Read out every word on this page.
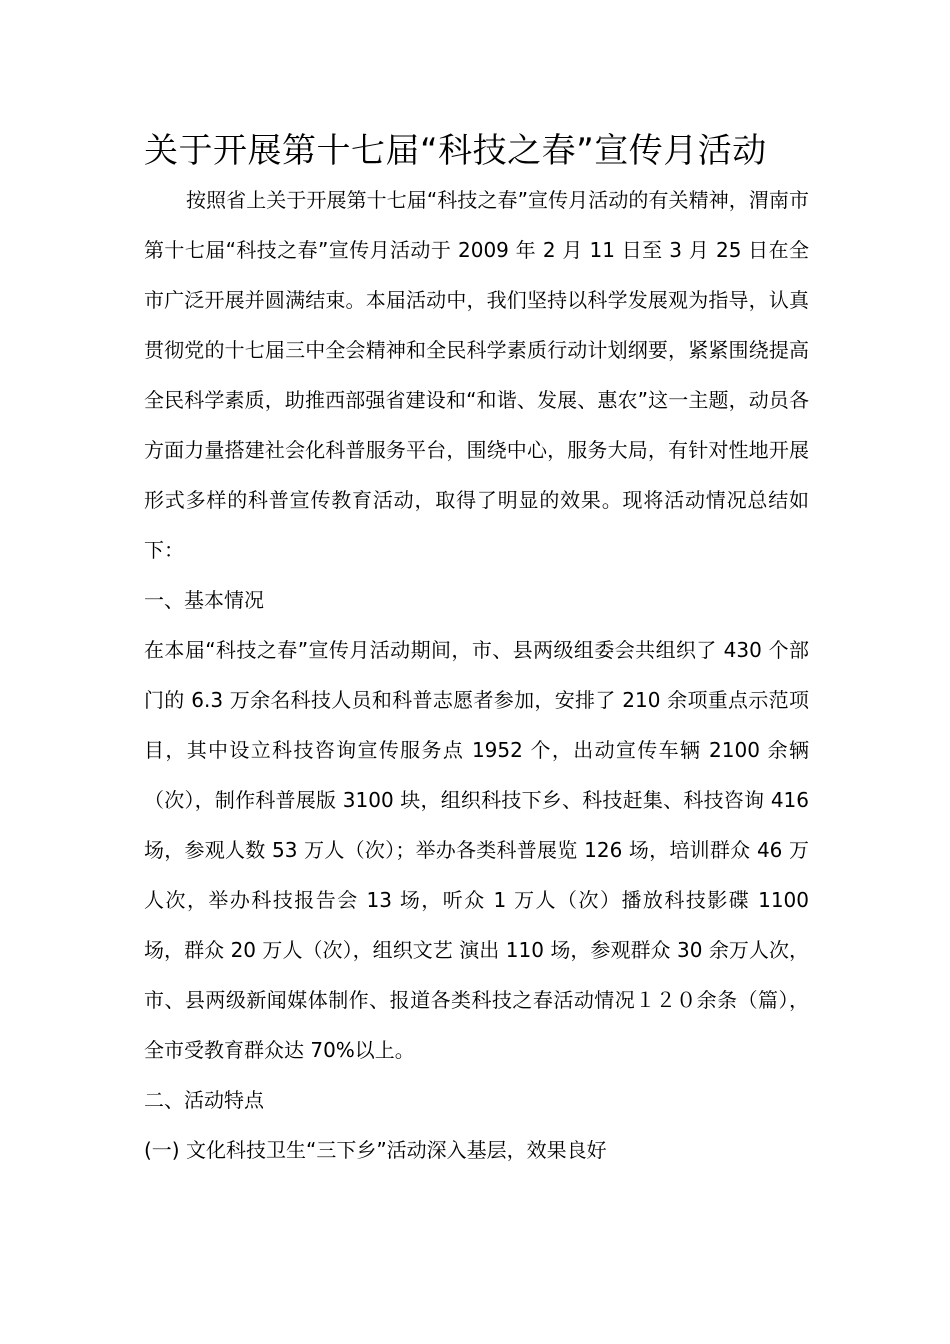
关于开展第十七届“科技之春”宣传月活动

按照省上关于开展第十七届“科技之春”宣传月活动的有关精神，渭南市第十七届“科技之春”宣传月活动于 2009 年 2 月 11 日至 3 月 25 日在全市广泛开展并圆满结束。本届活动中，我们坚持以科学发展观为指导，认真贯彻党的十七届三中全会精神和全民科学素质行动计划纲要，紧紧围绕提高全民科学素质，助推西部强省建设和“和谐、发展、惠农”这一主题，动员各方面力量搭建社会化科普服务平台，围绕中心，服务大局，有针对性地开展形式多样的科普宣传教育活动，取得了明显的效果。现将活动情况总结如下：

一、基本情况

在本届“科技之春”宣传月活动期间，市、县两级组委会共组织了 430 个部门的 6.3 万余名科技人员和科普志愿者参加，安排了 210 余项重点示范项目，其中设立科技咨询宣传服务点 1952 个，出动宣传车辆 2100 余辆（次），制作科普展版 3100 块，组织科技下乡、科技赶集、科技咨询 416 场，参观人数 53 万人（次）；举办各类科普展览 126 场，培训群众 46 万人次，举办科技报告会 13 场，听众 1 万人（次）播放科技影碟 1100 场，群众 20 万人（次），组织文艺 演出 110 场，参观群众 30 余万人次，市、县两级新闻媒体制作、报道各类科技之春活动情况１２０余条（篇），全市受教育群众达 70%以上。

二、活动特点

(一) 文化科技卫生“三下乡”活动深入基层，效果良好
